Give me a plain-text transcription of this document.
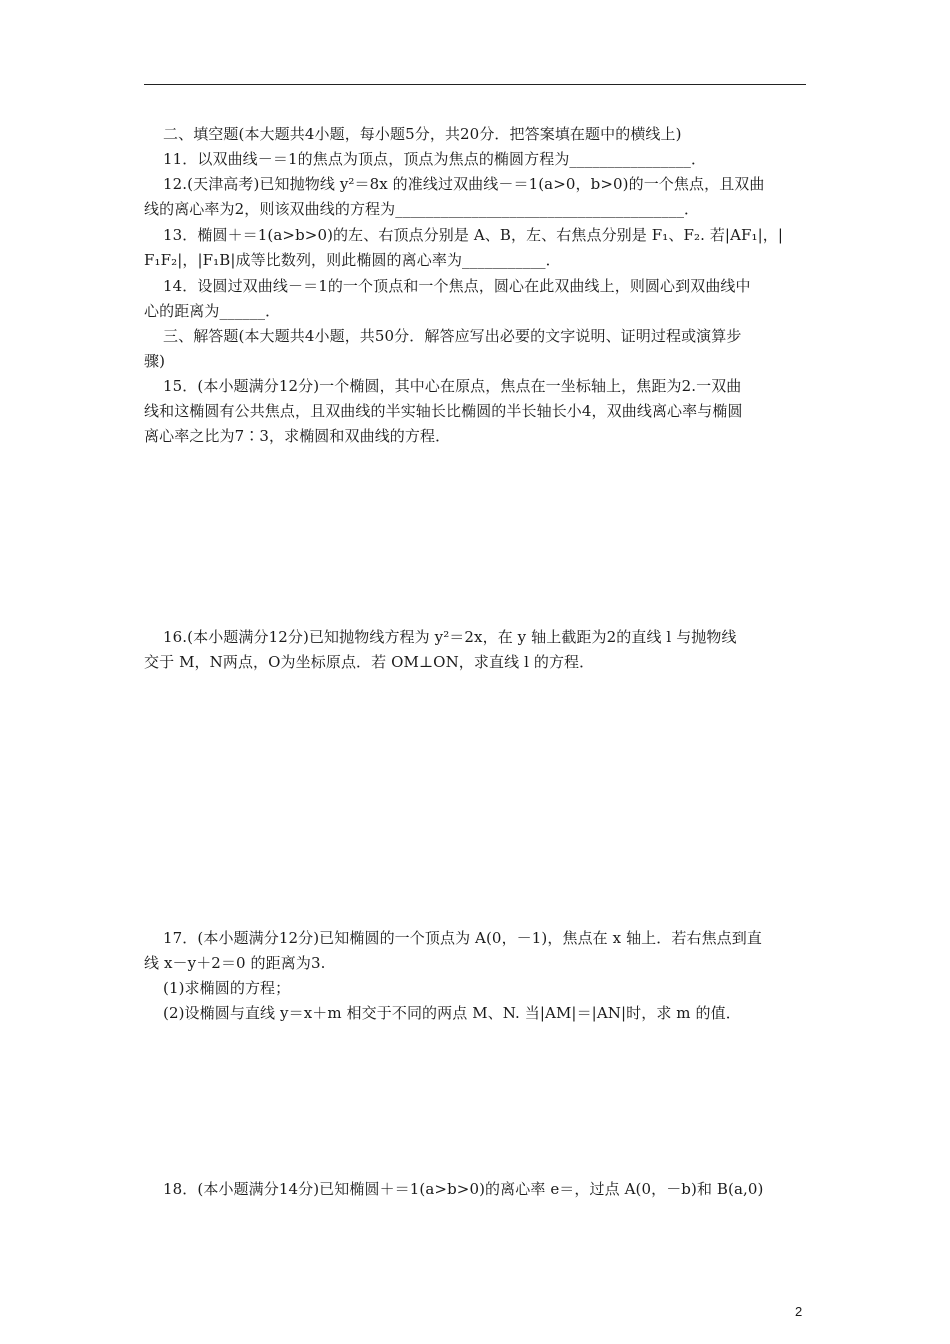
二、填空题(本大题共4小题，每小题5分，共20分．把答案填在题中的横线上)
11．以双曲线－＝1的焦点为顶点，顶点为焦点的椭圆方程为________________．
12.(天津高考)已知抛物线 y²＝8x 的准线过双曲线－＝1(a>0，b>0)的一个焦点，且双曲
线的离心率为2，则该双曲线的方程为______________________________________．
13．椭圆＋＝1(a>b>0)的左、右顶点分别是 A、B，左、右焦点分别是 F₁、F₂. 若|AF₁|，|
F₁F₂|，|F₁B|成等比数列，则此椭圆的离心率为___________．
14．设圆过双曲线－＝1的一个顶点和一个焦点，圆心在此双曲线上，则圆心到双曲线中
心的距离为______．
三、解答题(本大题共4小题，共50分．解答应写出必要的文字说明、证明过程或演算步
骤)
15．(本小题满分12分)一个椭圆，其中心在原点，焦点在一坐标轴上，焦距为2.一双曲
线和这椭圆有公共焦点，且双曲线的半实轴长比椭圆的半长轴长小4，双曲线离心率与椭圆
离心率之比为7∶3，求椭圆和双曲线的方程．
16.(本小题满分12分)已知抛物线方程为 y²＝2x，在 y 轴上截距为2的直线 l 与抛物线
交于 M，N两点，O为坐标原点．若 OM⊥ON，求直线 l 的方程．
17．(本小题满分12分)已知椭圆的一个顶点为 A(0，－1)，焦点在 x 轴上．若右焦点到直
线 x－y＋2＝0 的距离为3.
(1)求椭圆的方程；
(2)设椭圆与直线 y＝x＋m 相交于不同的两点 M、N. 当|AM|＝|AN|时，求 m 的值．
18．(本小题满分14分)已知椭圆＋＝1(a>b>0)的离心率 e＝，过点 A(0，－b)和 B(a,0)
2
